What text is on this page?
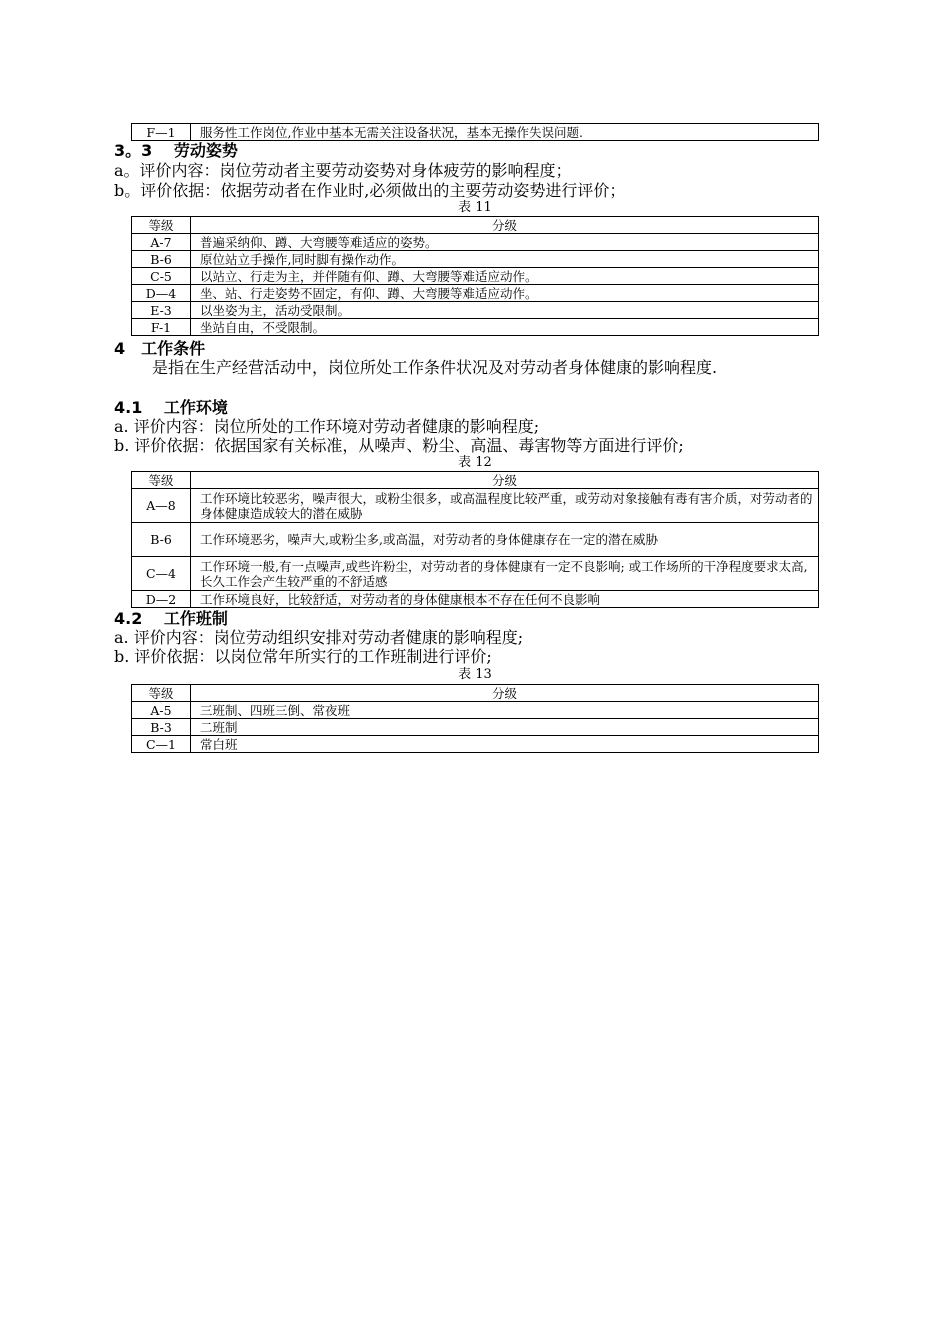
F—1	服务性工作岗位,作业中基本无需关注设备状况，基本无操作失误问题.
3。3　 劳动姿势
a。评价内容：岗位劳动者主要劳动姿势对身体疲劳的影响程度；
b。评价依据：依据劳动者在作业时,必须做出的主要劳动姿势进行评价；
表 11
等级	分级
A-7	普遍采纳仰、蹲、大弯腰等难适应的姿势。
B-6	原位站立手操作,同时脚有操作动作。
C-5	以站立、行走为主，并伴随有仰、蹲、大弯腰等难适应动作。
D—4	坐、站、行走姿势不固定，有仰、蹲、大弯腰等难适应动作。
E-3	以坐姿为主，活动受限制。
F-1	坐站自由，不受限制。
4　工作条件
是指在生产经营活动中，岗位所处工作条件状况及对劳动者身体健康的影响程度.
4.1　 工作环境
a. 评价内容：岗位所处的工作环境对劳动者健康的影响程度;
b. 评价依据：依据国家有关标准，从噪声、粉尘、高温、毒害物等方面进行评价;
表 12
等级	分级
A—8	工作环境比较恶劣，噪声很大，或粉尘很多，或高温程度比较严重，或劳动对象接触有毒有害介质，对劳动者的身体健康造成较大的潜在威胁
B-6	工作环境恶劣，噪声大,或粉尘多,或高温，对劳动者的身体健康存在一定的潜在威胁
C—4	工作环境一般,有一点噪声,或些许粉尘，对劳动者的身体健康有一定不良影响; 或工作场所的干净程度要求太高,长久工作会产生较严重的不舒适感
D—2	工作环境良好，比较舒适，对劳动者的身体健康根本不存在任何不良影响
4.2　 工作班制
a. 评价内容：岗位劳动组织安排对劳动者健康的影响程度;
b. 评价依据：以岗位常年所实行的工作班制进行评价;
表 13
等级	分级
A-5	三班制、四班三倒、常夜班
B-3	二班制
C—1	常白班
